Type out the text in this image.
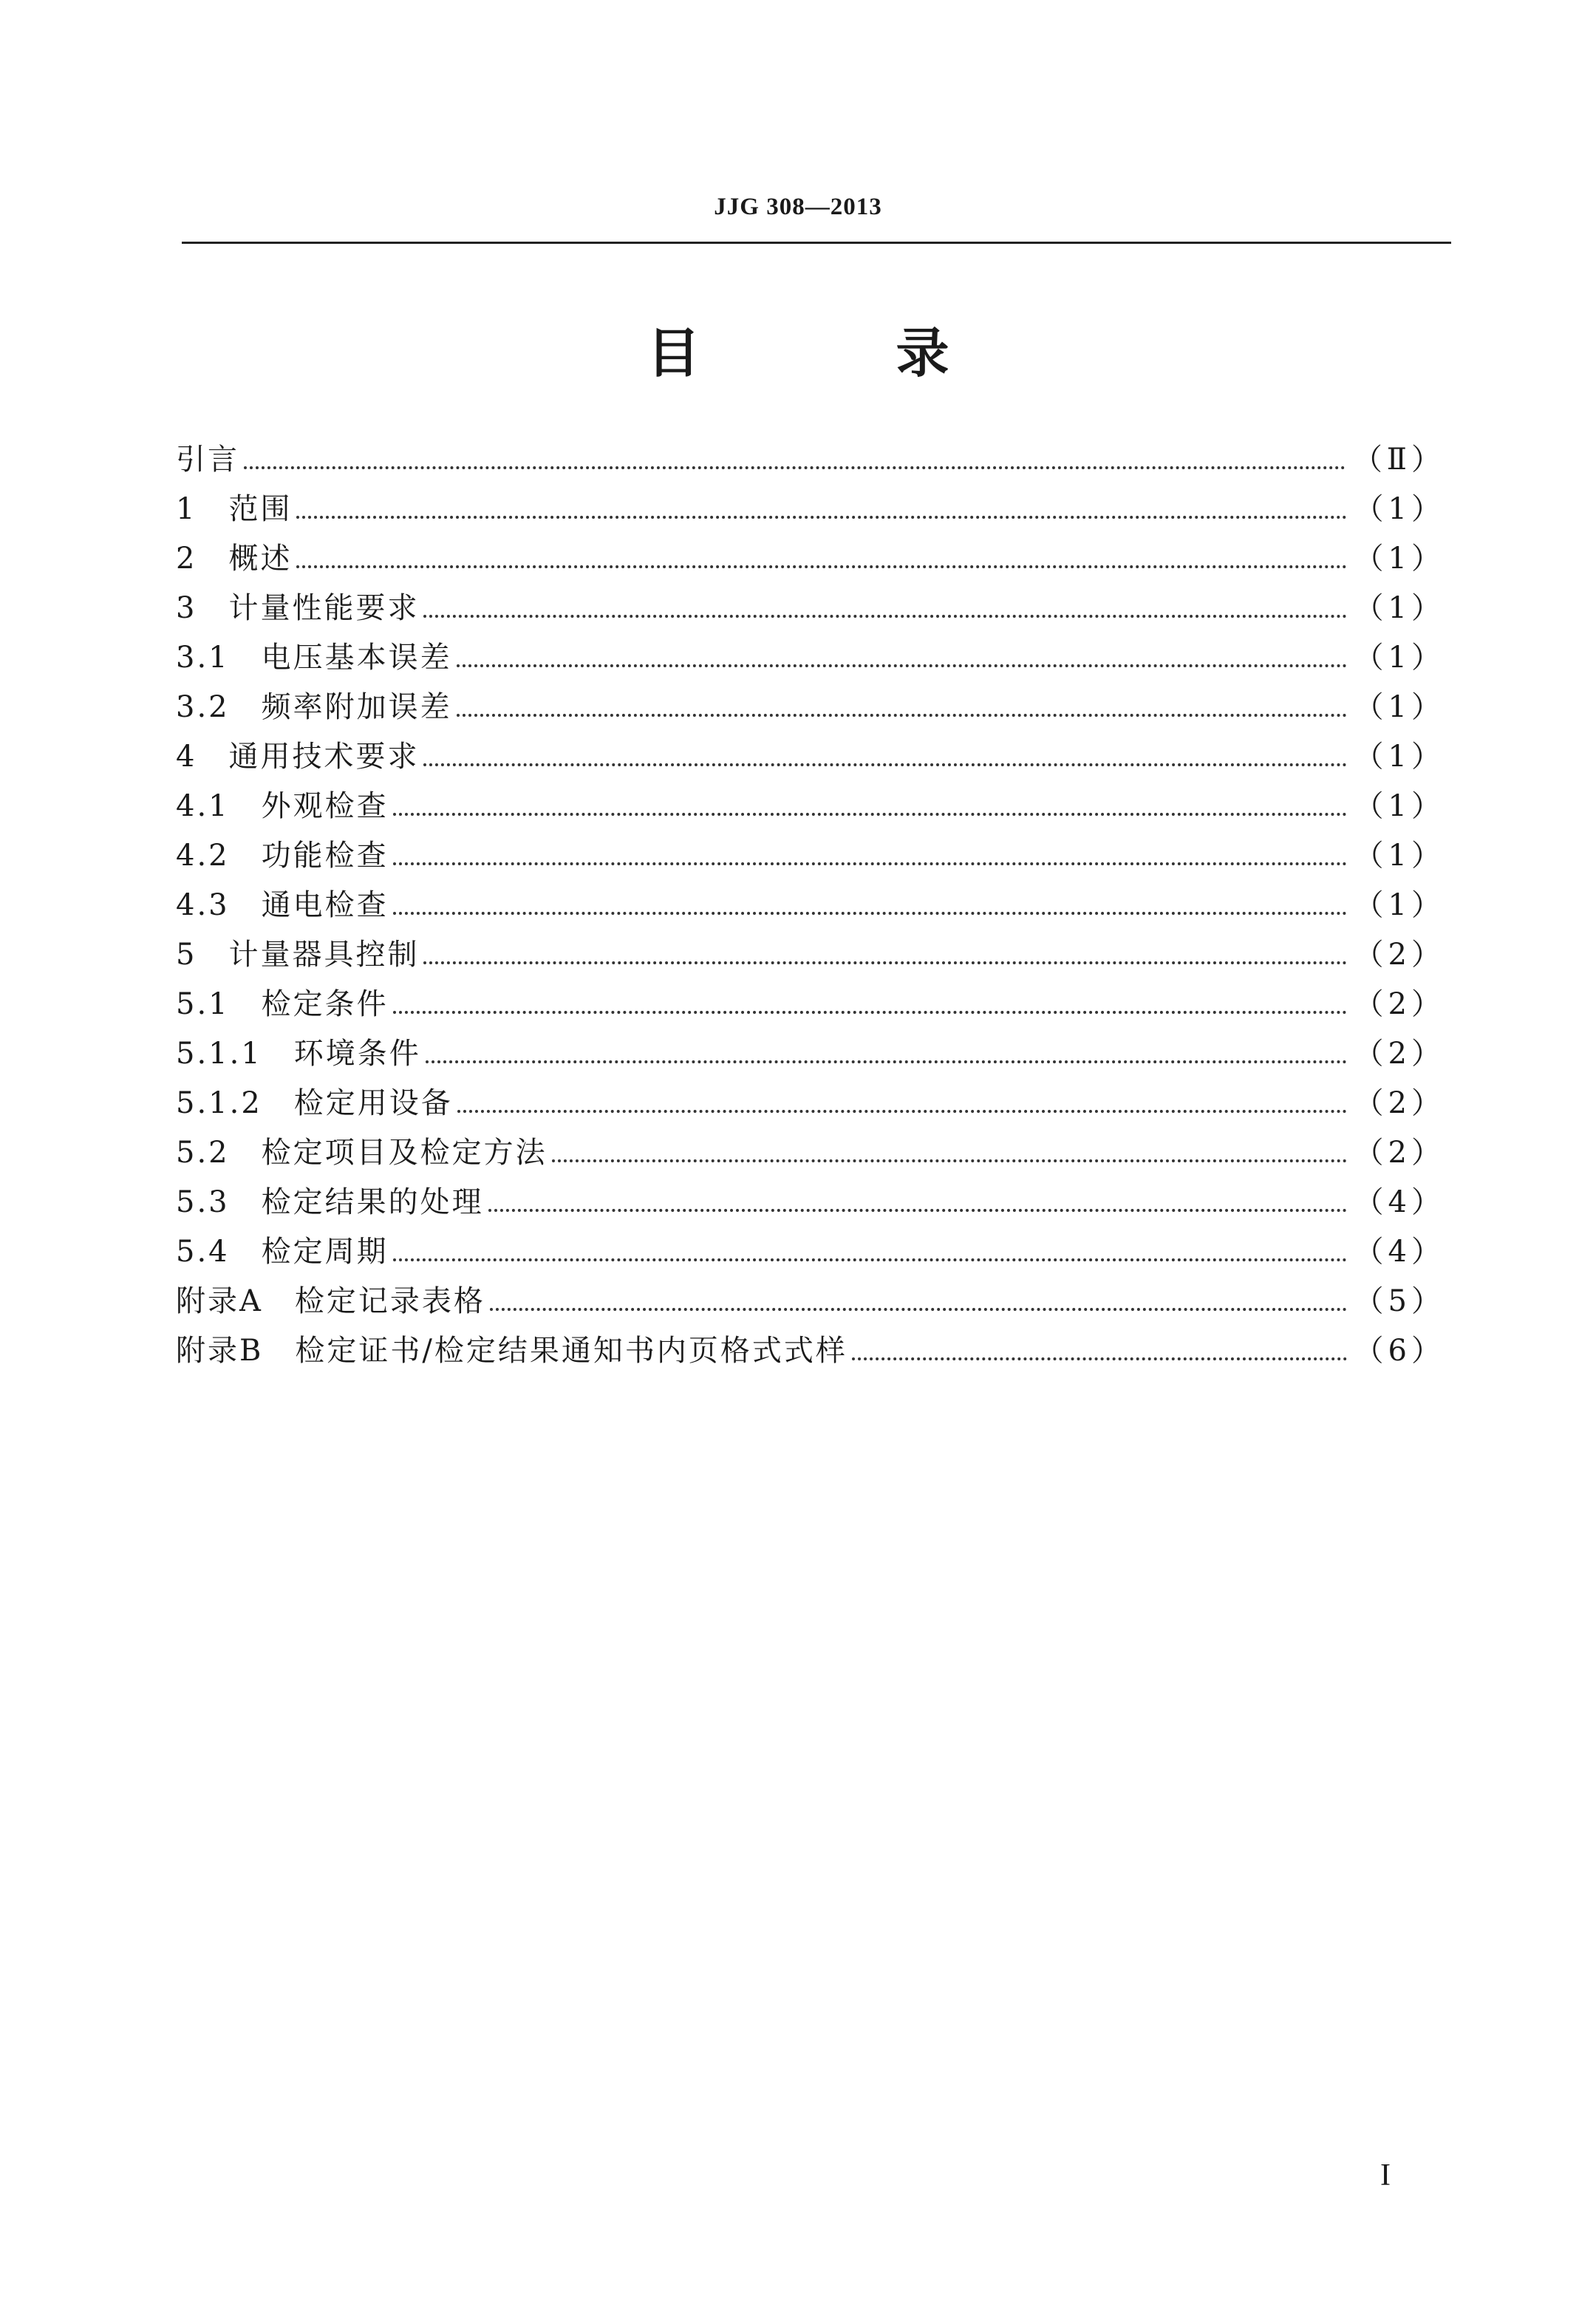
JJG 308—2013
目 录
引言	（Ⅱ）
1　范围	（1）
2　概述	（1）
3　计量性能要求	（1）
3.1　电压基本误差	（1）
3.2　频率附加误差	（1）
4　通用技术要求	（1）
4.1　外观检查	（1）
4.2　功能检查	（1）
4.3　通电检查	（1）
5　计量器具控制	（2）
5.1　检定条件	（2）
5.1.1　环境条件	（2）
5.1.2　检定用设备	（2）
5.2　检定项目及检定方法	（2）
5.3　检定结果的处理	（4）
5.4　检定周期	（4）
附录A　检定记录表格	（5）
附录B　检定证书/检定结果通知书内页格式式样	（6）
I
